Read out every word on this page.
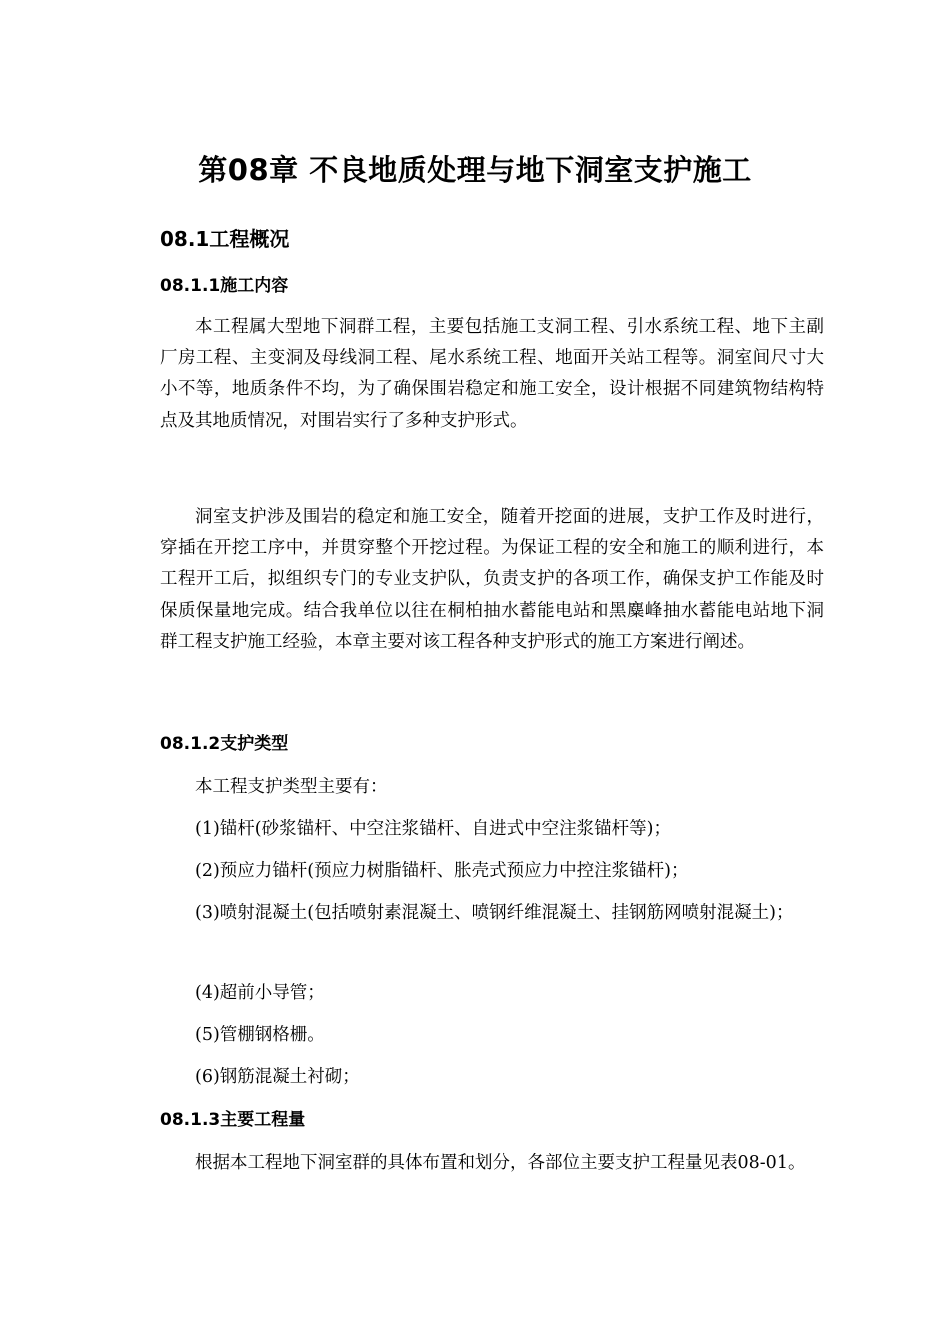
第08章 不良地质处理与地下洞室支护施工
08.1工程概况
08.1.1施工内容

本工程属大型地下洞群工程，主要包括施工支洞工程、引水系统工程、地下主副厂房工程、主变洞及母线洞工程、尾水系统工程、地面开关站工程等。洞室间尺寸大小不等，地质条件不均，为了确保围岩稳定和施工安全，设计根据不同建筑物结构特点及其地质情况，对围岩实行了多种支护形式。

洞室支护涉及围岩的稳定和施工安全，随着开挖面的进展，支护工作及时进行，穿插在开挖工序中，并贯穿整个开挖过程。为保证工程的安全和施工的顺利进行，本工程开工后，拟组织专门的专业支护队，负责支护的各项工作，确保支护工作能及时保质保量地完成。结合我单位以往在桐柏抽水蓄能电站和黑麋峰抽水蓄能电站地下洞群工程支护施工经验，本章主要对该工程各种支护形式的施工方案进行阐述。

08.1.2支护类型

本工程支护类型主要有：

(1)锚杆(砂浆锚杆、中空注浆锚杆、自进式中空注浆锚杆等)；

(2)预应力锚杆(预应力树脂锚杆、胀壳式预应力中控注浆锚杆)；

(3)喷射混凝土(包括喷射素混凝土、喷钢纤维混凝土、挂钢筋网喷射混凝土)；

(4)超前小导管；

(5)管棚钢格栅。

(6)钢筋混凝土衬砌；

08.1.3主要工程量

根据本工程地下洞室群的具体布置和划分，各部位主要支护工程量见表08-01。
